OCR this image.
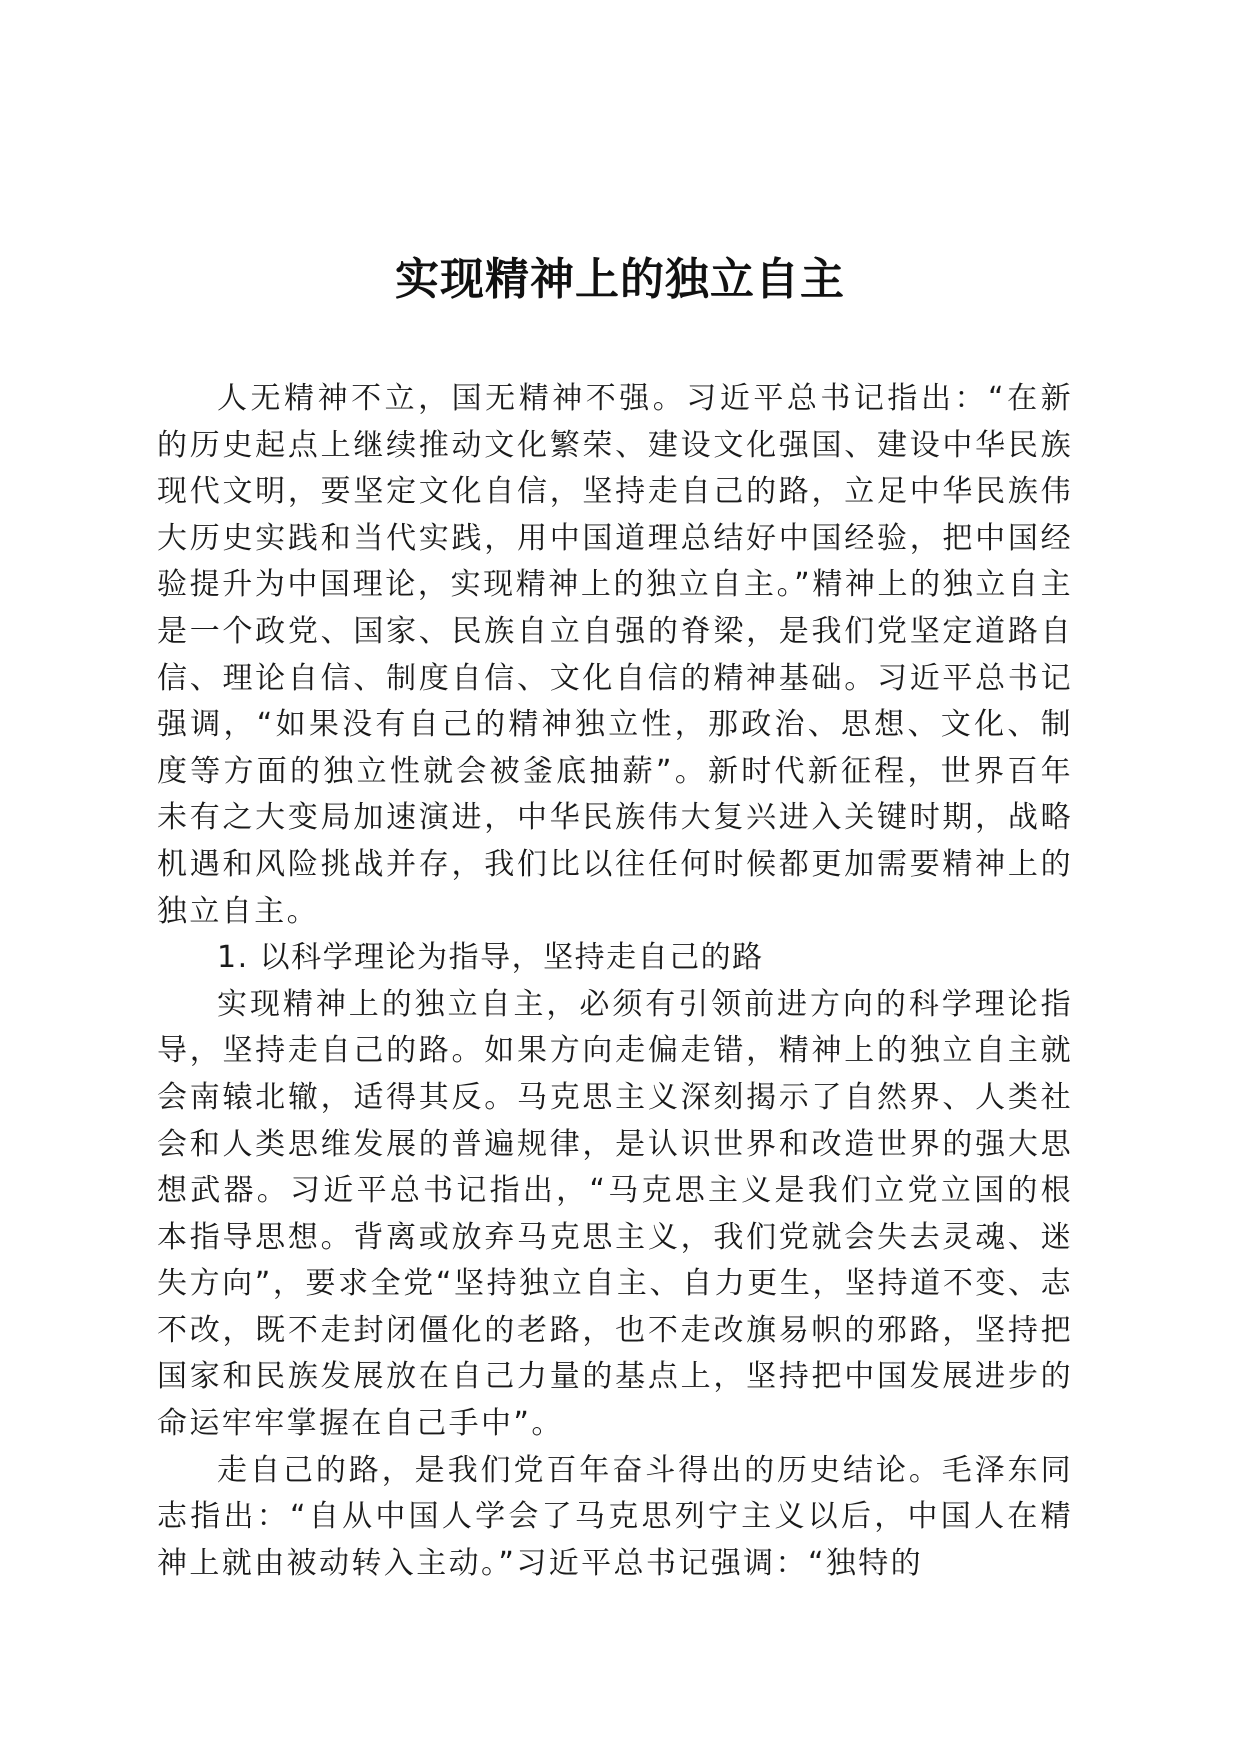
实现精神上的独立自主

人无精神不立，国无精神不强。习近平总书记指出：“在新的历史起点上继续推动文化繁荣、建设文化强国、建设中华民族现代文明，要坚定文化自信，坚持走自己的路，立足中华民族伟大历史实践和当代实践，用中国道理总结好中国经验，把中国经验提升为中国理论，实现精神上的独立自主。”精神上的独立自主是一个政党、国家、民族自立自强的脊梁，是我们党坚定道路自信、理论自信、制度自信、文化自信的精神基础。习近平总书记强调，“如果没有自己的精神独立性，那政治、思想、文化、制度等方面的独立性就会被釜底抽薪”。新时代新征程，世界百年未有之大变局加速演进，中华民族伟大复兴进入关键时期，战略机遇和风险挑战并存，我们比以往任何时候都更加需要精神上的独立自主。

1. 以科学理论为指导，坚持走自己的路

实现精神上的独立自主，必须有引领前进方向的科学理论指导，坚持走自己的路。如果方向走偏走错，精神上的独立自主就会南辕北辙，适得其反。马克思主义深刻揭示了自然界、人类社会和人类思维发展的普遍规律，是认识世界和改造世界的强大思想武器。习近平总书记指出，“马克思主义是我们立党立国的根本指导思想。背离或放弃马克思主义，我们党就会失去灵魂、迷失方向”，要求全党“坚持独立自主、自力更生，坚持道不变、志不改，既不走封闭僵化的老路，也不走改旗易帜的邪路，坚持把国家和民族发展放在自己力量的基点上，坚持把中国发展进步的命运牢牢掌握在自己手中”。

走自己的路，是我们党百年奋斗得出的历史结论。毛泽东同志指出：“自从中国人学会了马克思列宁主义以后，中国人在精神上就由被动转入主动。”习近平总书记强调：“独特的
